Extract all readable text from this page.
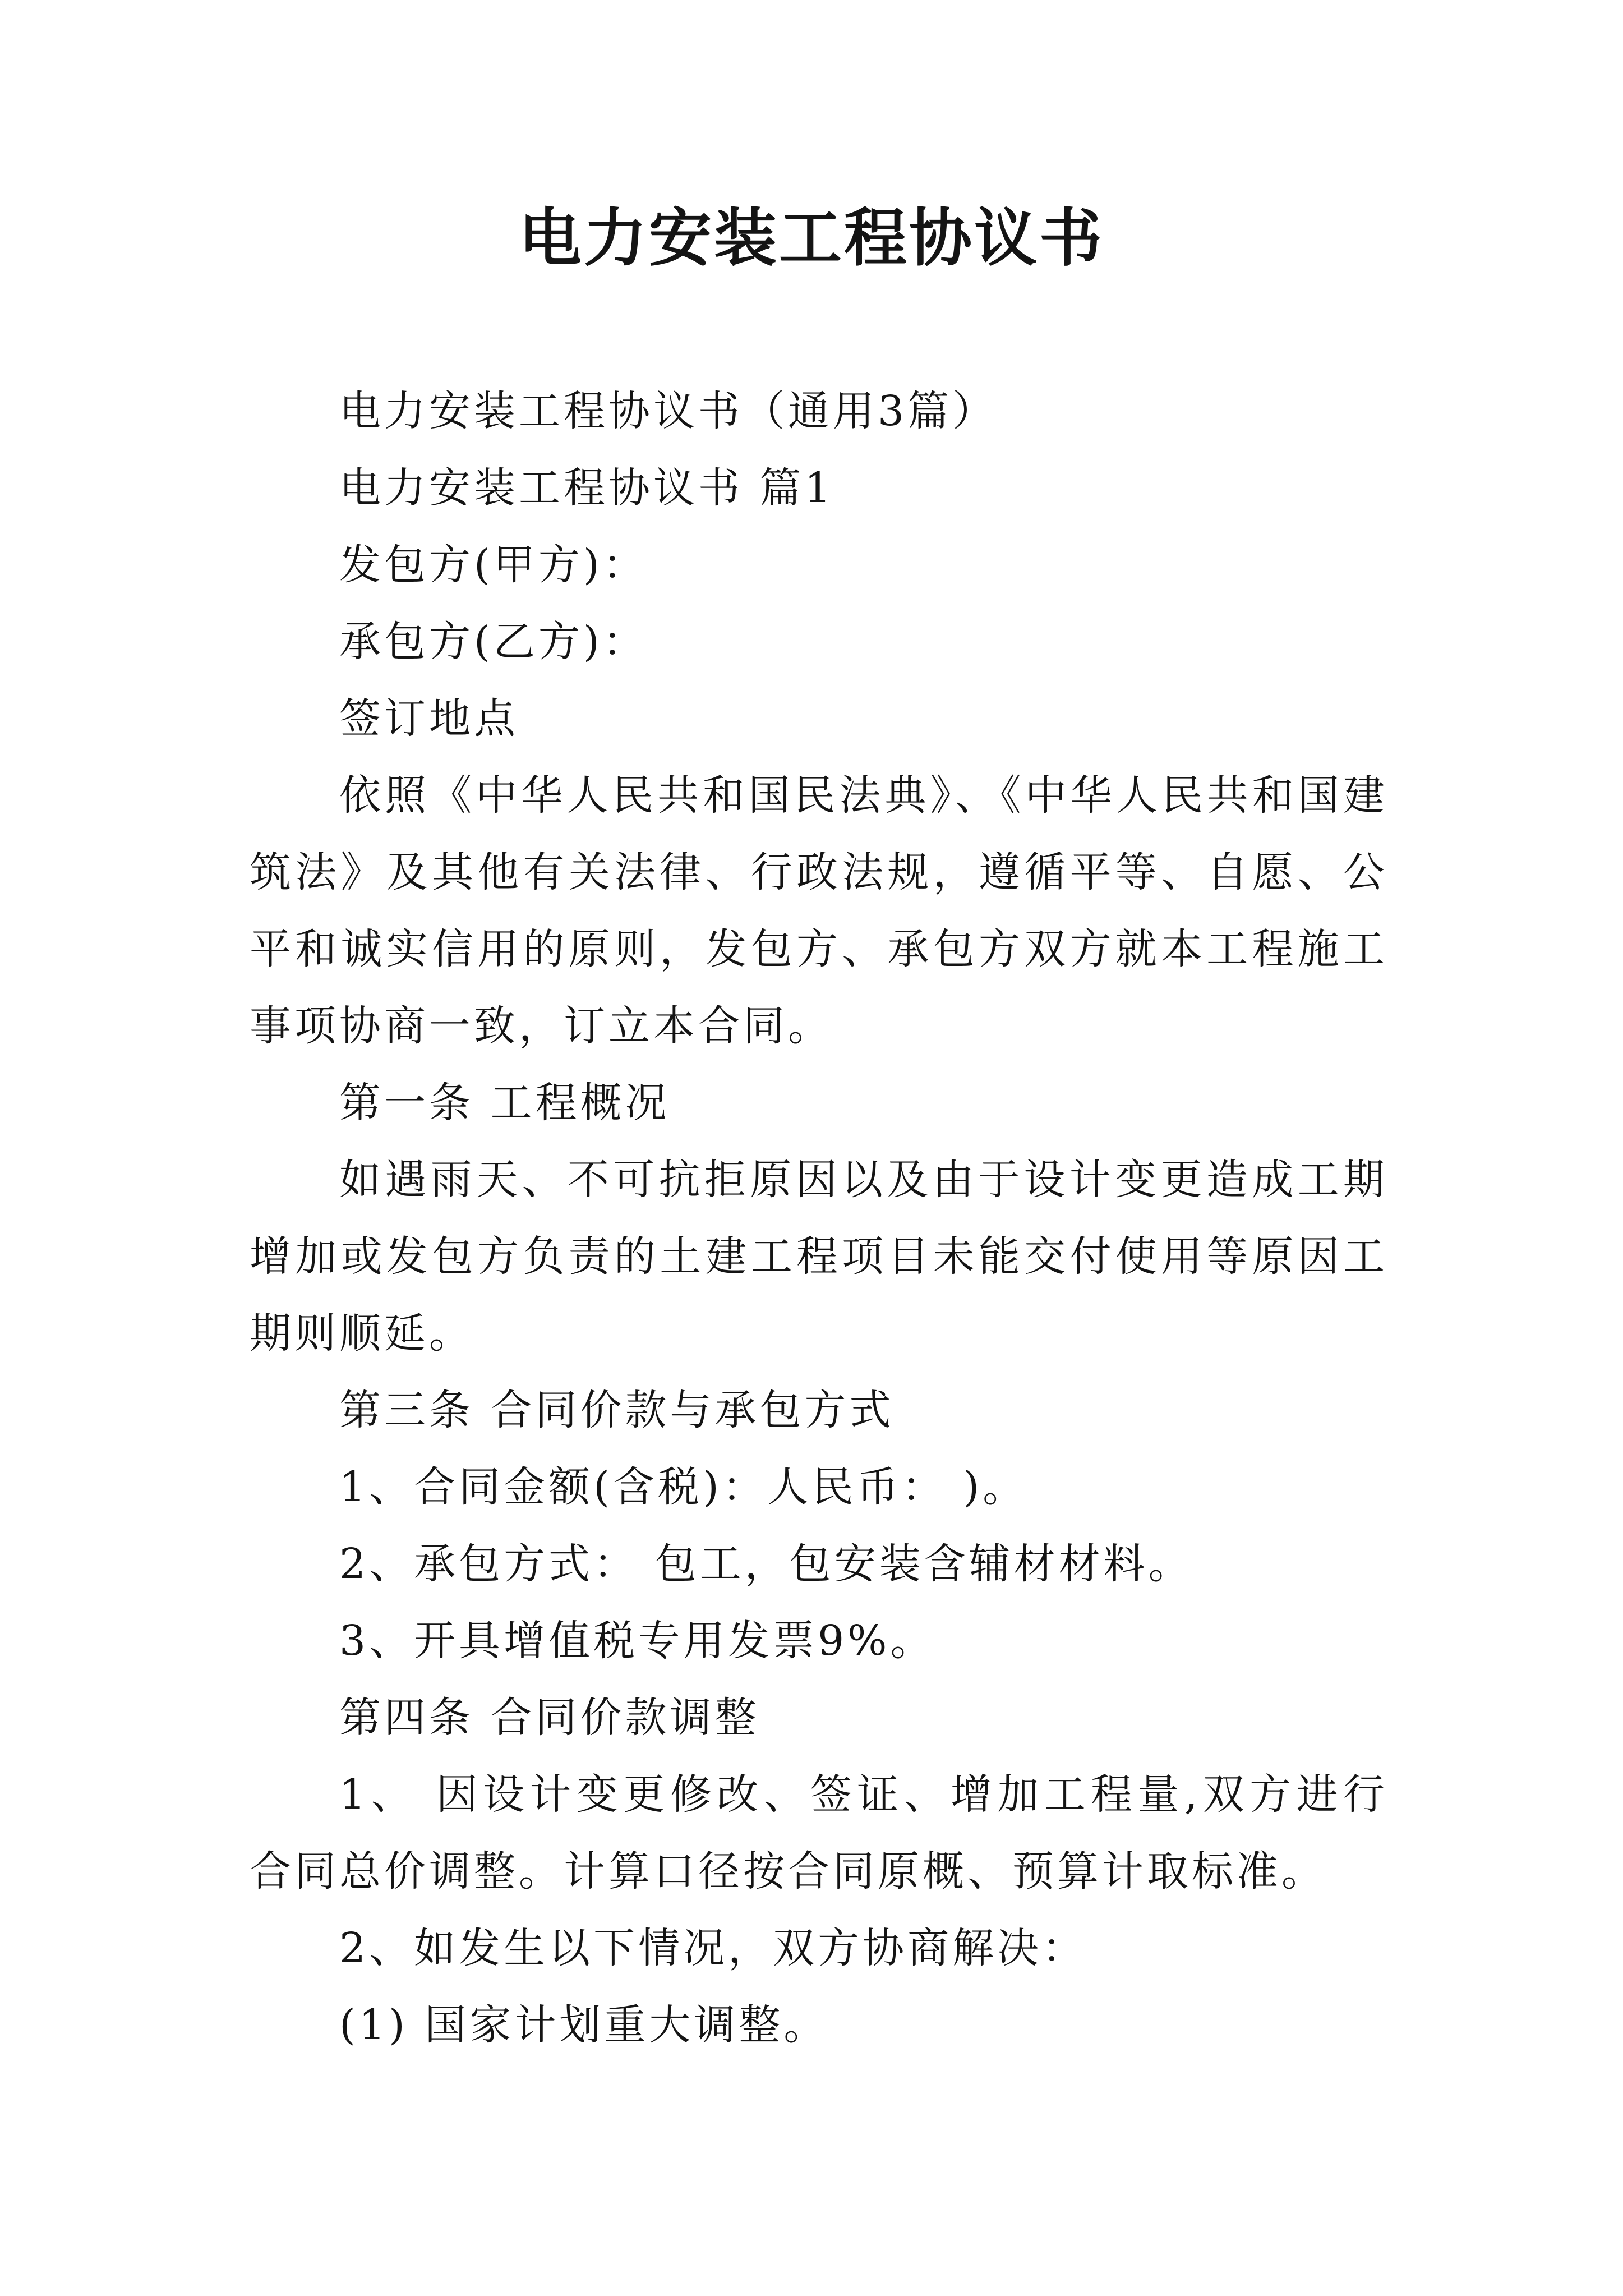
电力安装工程协议书

电力安装工程协议书（通用3篇）

电力安装工程协议书 篇1

发包方(甲方)：

承包方(乙方)：

签订地点

依照《中华人民共和国民法典》、《中华人民共和国建筑法》及其他有关法律、行政法规，遵循平等、自愿、公平和诚实信用的原则，发包方、承包方双方就本工程施工事项协商一致，订立本合同。

第一条 工程概况

如遇雨天、不可抗拒原因以及由于设计变更造成工期增加或发包方负责的土建工程项目未能交付使用等原因工期则顺延。

第三条 合同价款与承包方式

1、合同金额(含税)：人民币： )。

2、承包方式： 包工，包安装含辅材材料。

3、开具增值税专用发票9%。

第四条 合同价款调整

1、 因设计变更修改、签证、增加工程量,双方进行合同总价调整。计算口径按合同原概、预算计取标准。

2、如发生以下情况，双方协商解决：

(1) 国家计划重大调整。
